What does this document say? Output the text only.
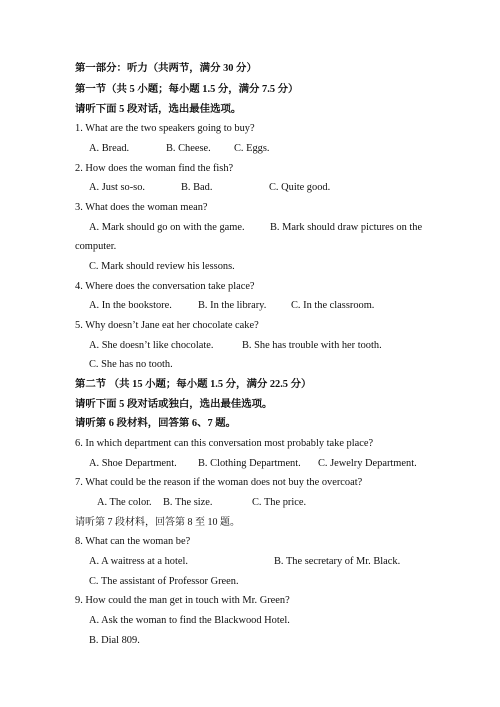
第一部分：听力（共两节，满分 30 分）
第一节（共 5 小题；每小题 1.5 分，满分 7.5 分）
请听下面 5 段对话，选出最佳选项。
1. What are the two speakers going to buy?
A. Bread.	B. Cheese. C. Eggs.
2. How does the woman find the fish?
A. Just so-so.	B. Bad.	C. Quite good.
3. What does the woman mean?
A. Mark should go on with the game. B. Mark should draw pictures on the
computer.
C. Mark should review his lessons.
4. Where does the conversation take place?
A. In the bookstore.	B. In the library. C. In the classroom.
5. Why doesn’t Jane eat her chocolate cake?
A. She doesn’t like chocolate.	B. She has trouble with her tooth.
C. She has no tooth.
第二节 （共 15 小题；每小题 1.5 分，满分 22.5 分）
请听下面 5 段对话或独白，选出最佳选项。
请听第 6 段材料，回答第 6、7 题。
6. In which department can this conversation most probably take place?
A. Shoe Department. B. Clothing Department. C. Jewelry Department.
7. What could be the reason if the woman does not buy the overcoat?
A. The color. B. The size.	C. The price.
请听第 7 段材料，回答第 8 至 10 题。
8. What can the woman be?
A. A waitress at a hotel.	B. The secretary of Mr. Black.
C. The assistant of Professor Green.
9. How could the man get in touch with Mr. Green?
A. Ask the woman to find the Blackwood Hotel.
B. Dial 809.
